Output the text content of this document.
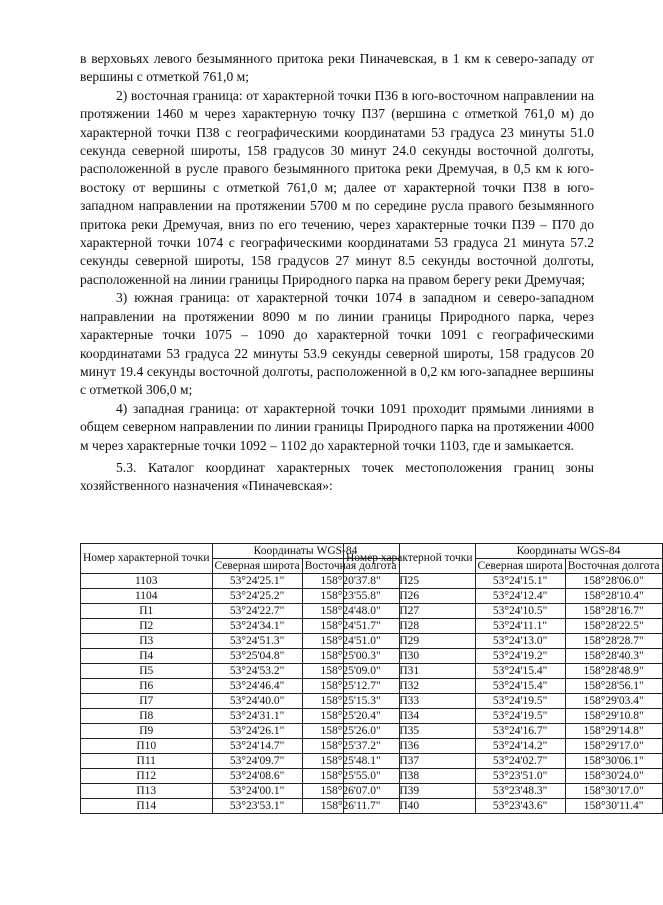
в верховьях левого безымянного притока реки Пиначевская, в 1 км к северо-западу от вершины с отметкой 761,0 м;

2) восточная граница: от характерной точки П36 в юго-восточном направлении на протяжении 1460 м через характерную точку П37 (вершина с отметкой 761,0 м) до характерной точки П38 с географическими координатами 53 градуса 23 минуты 51.0 секунда северной широты, 158 градусов 30 минут 24.0 секунды восточной долготы, расположенной в русле правого безымянного притока реки Дремучая, в 0,5 км к юго-востоку от вершины с отметкой 761,0 м; далее от характерной точки П38 в юго-западном направлении на протяжении 5700 м по середине русла правого безымянного притока реки Дремучая, вниз по его течению, через характерные точки П39 – П70 до характерной точки 1074 с географическими координатами 53 градуса 21 минута 57.2 секунды северной широты, 158 градусов 27 минут 8.5 секунды восточной долготы, расположенной на линии границы Природного парка на правом берегу реки Дремучая;

3) южная граница: от характерной точки 1074 в западном и северо-западном направлении на протяжении 8090 м по линии границы Природного парка, через характерные точки 1075 – 1090 до характерной точки 1091 с географическими координатами 53 градуса 22 минуты 53.9 секунды северной широты, 158 градусов 20 минут 19.4 секунды восточной долготы, расположенной в 0,2 км юго-западнее вершины с отметкой 306,0 м;

4) западная граница: от характерной точки 1091 проходит прямыми линиями в общем северном направлении по линии границы Природного парка на протяжении 4000 м через характерные точки 1092 – 1102 до характерной точки 1103, где и замыкается.

5.3. Каталог координат характерных точек местоположения границ зоны хозяйственного назначения «Пиначевская»:

Номер характерной точки	Координаты WGS-84	
	Северная широта	Восточная долгота
1103	53°24'25.1"	158°20'37.8"
1104	53°24'25.2"	158°23'55.8"
П1	53°24'22.7"	158°24'48.0"
П2	53°24'34.1"	158°24'51.7"
П3	53°24'51.3"	158°24'51.0"
П4	53°25'04.8"	158°25'00.3"
П5	53°24'53.2"	158°25'09.0"
П6	53°24'46.4"	158°25'12.7"
П7	53°24'40.0"	158°25'15.3"
П8	53°24'31.1"	158°25'20.4"
П9	53°24'26.1"	158°25'26.0"
П10	53°24'14.7"	158°25'37.2"
П11	53°24'09.7"	158°25'48.1"
П12	53°24'08.6"	158°25'55.0"
П13	53°24'00.1"	158°26'07.0"
П14	53°23'53.1"	158°26'11.7"
Номер характерной точки	Координаты WGS-84	
	Северная широта	Восточная долгота
П25	53°24'15.1"	158°28'06.0"
П26	53°24'12.4"	158°28'10.4"
П27	53°24'10.5"	158°28'16.7"
П28	53°24'11.1"	158°28'22.5"
П29	53°24'13.0"	158°28'28.7"
П30	53°24'19.2"	158°28'40.3"
П31	53°24'15.4"	158°28'48.9"
П32	53°24'15.4"	158°28'56.1"
П33	53°24'19.5"	158°29'03.4"
П34	53°24'19.5"	158°29'10.8"
П35	53°24'16.7"	158°29'14.8"
П36	53°24'14.2"	158°29'17.0"
П37	53°24'02.7"	158°30'06.1"
П38	53°23'51.0"	158°30'24.0"
П39	53°23'48.3"	158°30'17.0"
П40	53°23'43.6"	158°30'11.4"
